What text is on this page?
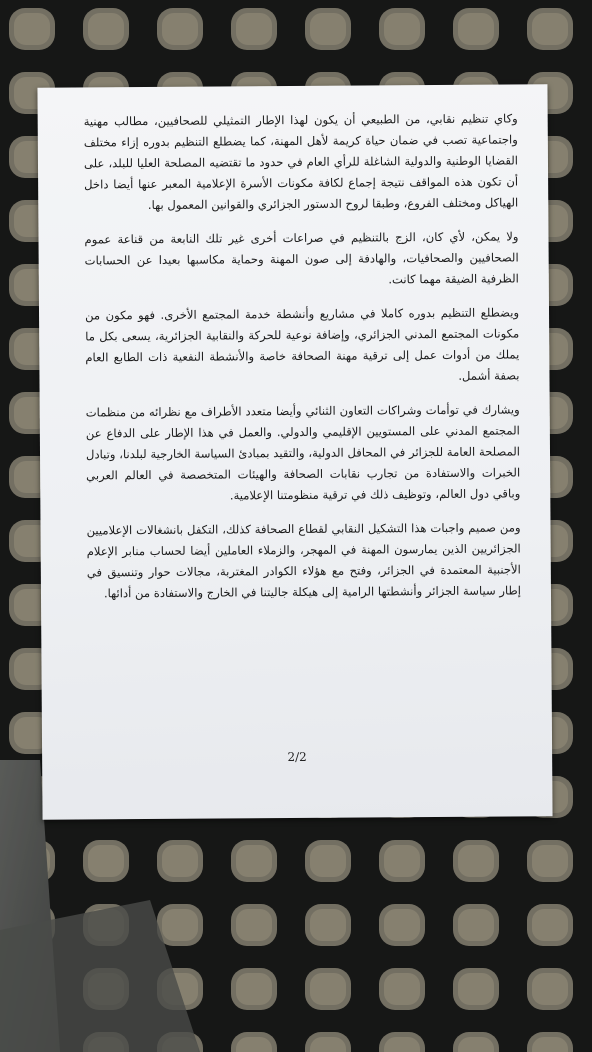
وكاي تنظيم نقابي، من الطبيعي أن يكون لهذا الإطار التمثيلي للصحافيين، مطالب مهنية واجتماعية تصب في ضمان حياة كريمة لأهل المهنة، كما يضطلع التنظيم بدوره إزاء مختلف القضايا الوطنية والدولية الشاغلة للرأي العام في حدود ما تقتضيه المصلحة العليا للبلد، على أن تكون هذه المواقف نتيجة إجماع لكافة مكونات الأسرة الإعلامية المعبر عنها أيضا داخل الهياكل ومختلف الفروع، وطبقا لروح الدستور الجزائري والقوانين المعمول بها.

ولا يمكن، لأي كان، الزج بالتنظيم في صراعات أخرى غير تلك النابعة من قناعة عموم الصحافيين والصحافيات، والهادفة إلى صون المهنة وحماية مكاسبها بعيدا عن الحسابات الظرفية الضيقة مهما كانت.

ويضطلع التنظيم بدوره كاملا في مشاريع وأنشطة خدمة المجتمع الأخرى. فهو مكون من مكونات المجتمع المدني الجزائري، وإضافة نوعية للحركة والنقابية الجزائرية، يسعى بكل ما يملك من أدوات عمل إلى ترقية مهنة الصحافة خاصة والأنشطة النفعية ذات الطابع العام بصفة أشمل.

ويشارك في توأمات وشراكات التعاون الثنائي وأيضا متعدد الأطراف مع نظرائه من منظمات المجتمع المدني على المستويين الإقليمي والدولي. والعمل في هذا الإطار على الدفاع عن المصلحة العامة للجزائر في المحافل الدولية، والتقيد بمبادئ السياسة الخارجية لبلدنا، وتبادل الخبرات والاستفادة من تجارب نقابات الصحافة والهيئات المتخصصة في العالم العربي وباقي دول العالم، وتوظيف ذلك في ترقية منظومتنا الإعلامية.

ومن صميم واجبات هذا التشكيل النقابي لقطاع الصحافة كذلك، التكفل بانشغالات الإعلاميين الجزائريين الذين يمارسون المهنة في المهجر، والزملاء العاملين أيضا لحساب منابر الإعلام الأجنبية المعتمدة في الجزائر، وفتح مع هؤلاء الكوادر المغتربة، مجالات حوار وتنسيق في إطار سياسة الجزائر وأنشطتها الرامية إلى هيكلة جاليتنا في الخارج والاستفادة من أدائها.

2/2
